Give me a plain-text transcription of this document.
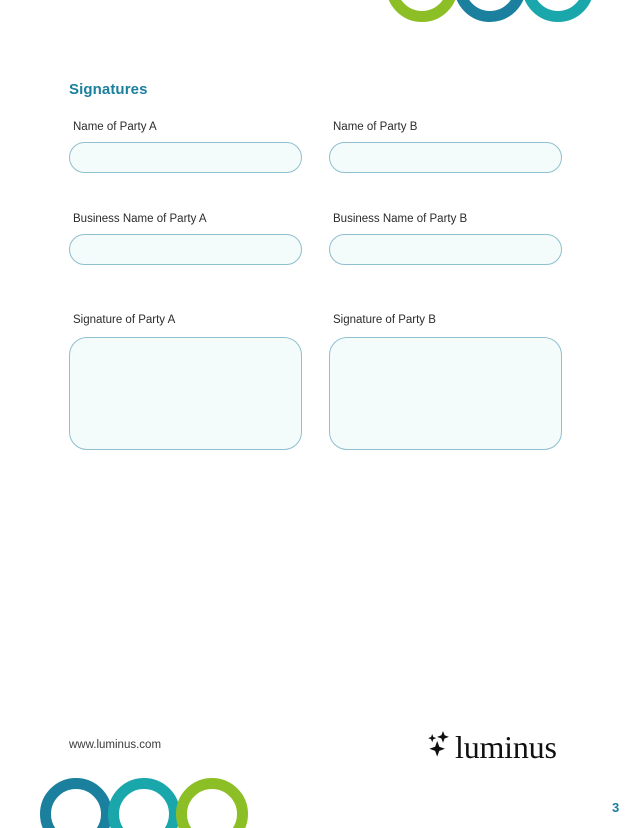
Signatures
Name of Party A	Name of Party B
Business Name of Party A	Business Name of Party B
Signature of Party A	Signature of Party B
www.luminus.com	luminus
3
